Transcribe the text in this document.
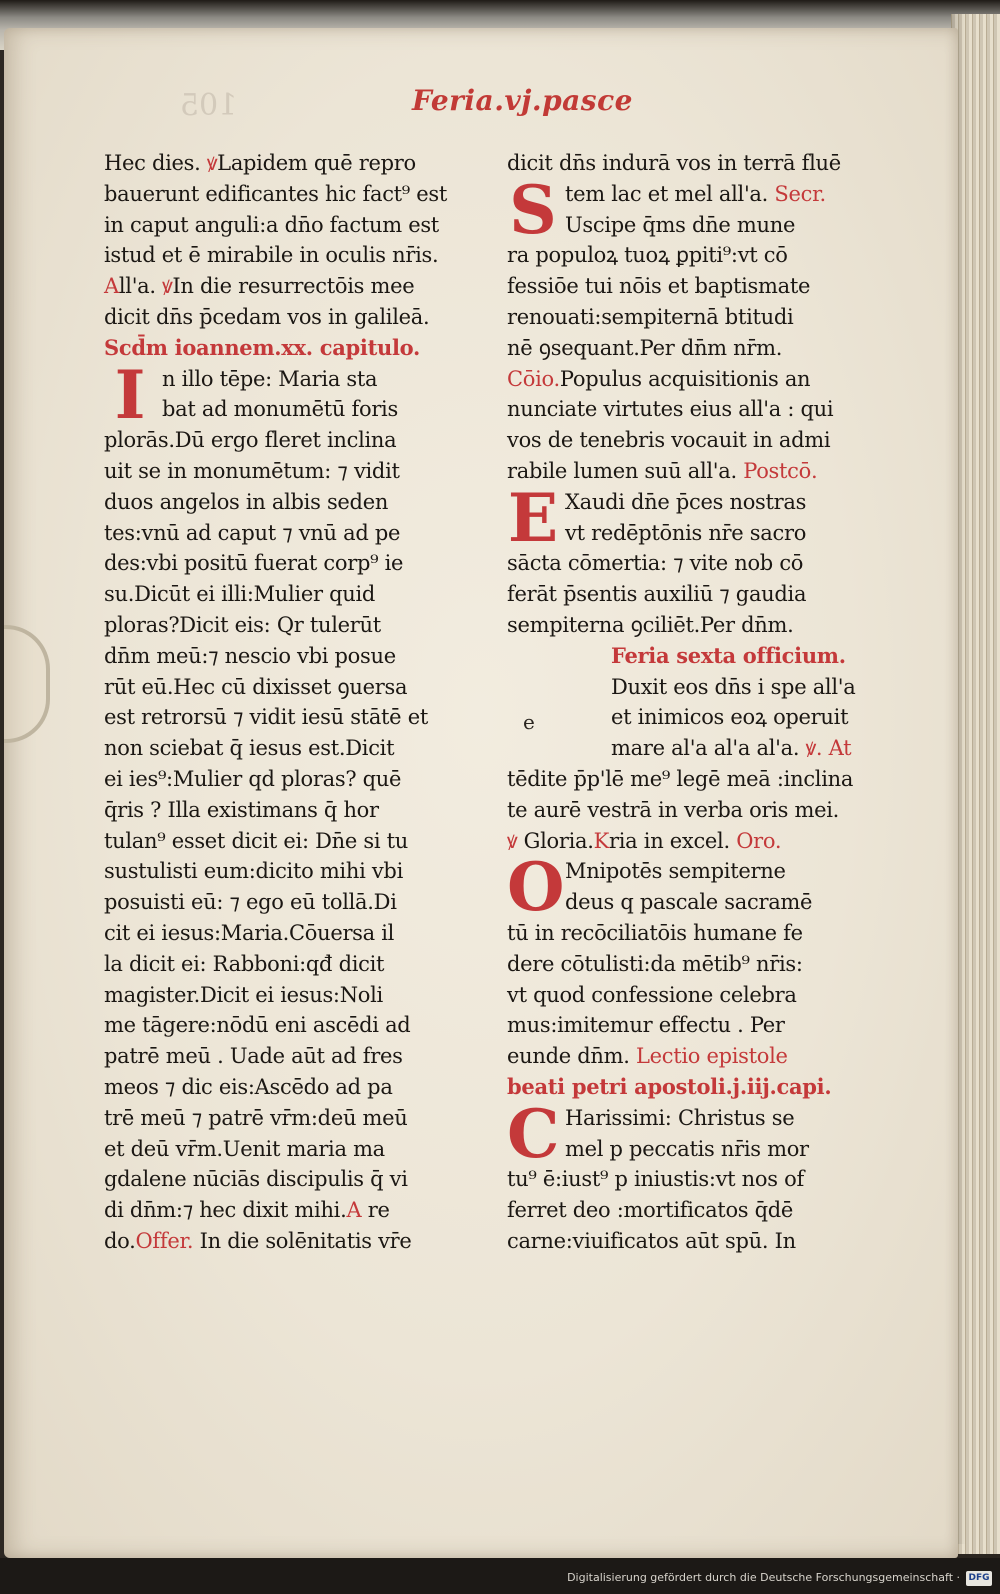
105	Feria.vj.pasce
Hec dies. ꝟLapidem quē repro
bauerunt edificantes hic fact⁹ est
in caput anguli:a dn̄o factum est
istud et ē mirabile in oculis nr̄is.
All'a. ꝟIn die resurrectōis mee
dicit dn̄s p̄cedam vos in galileā.
Scd̄m ioannem.xx. capitulo.
I n illo tēpe: Maria sta
bat ad monumētū foris
plorās.Dū ergo fleret inclina
uit se in monumētum: ⁊ vidit
duos angelos in albis seden
tes:vnū ad caput ⁊ vnū ad pe
des:vbi positū fuerat corp⁹ ie
su.Dicūt ei illi:Mulier quid
ploras?Dicit eis: Qr tulerūt
dn̄m meū:⁊ nescio vbi posue
rūt eū.Hec cū dixisset ꝯuersa
est retrorsū ⁊ vidit iesū stātē et
non sciebat q̄ iesus est.Dicit
ei ies⁹:Mulier qd ploras? quē
q̄ris ? Illa existimans q̄ hor
tulan⁹ esset dicit ei: Dn̄e si tu
sustulisti eum:dicito mihi vbi
posuisti eū: ⁊ ego eū tollā.Di
cit ei iesus:Maria.Cōuersa il
la dicit ei: Rabboni:qđ dicit
magister.Dicit ei iesus:Noli
me tāgere:nōdū eni ascēdi ad
patrē meū . Uade aūt ad fres
meos ⁊ dic eis:Ascēdo ad pa
trē meū ⁊ patrē vr̄m:deū meū
et deū vr̄m.Uenit maria ma
gdalene nūciās discipulis q̄ vi
di dn̄m:⁊ hec dixit mihi.A re
do.Offer. In die solēnitatis vr̄e
dicit dn̄s indurā vos in terrā fluē
S tem lac et mel all'a. Secr.
Uscipe q̄ms dn̄e mune
ra populoꝝ tuoꝝ ꝑpiti⁹:vt cō
fessiōe tui nōis et baptismate
renouati:sempiternā btitudi
nē ꝯsequant.Per dn̄m nr̄m.
Cōio.Populus acquisitionis an
nunciate virtutes eius all'a : qui
vos de tenebris vocauit in admi
rabile lumen suū all'a. Postcō.
E Xaudi dn̄e p̄ces nostras
vt redēptōnis nr̄e sacro
sācta cōmertia: ⁊ vite nob cō
ferāt p̄sentis auxiliū ⁊ gaudia
sempiterna ꝯciliēt.Per dn̄m.
Feria sexta officium.
Duxit eos dn̄s i spe all'a
et inimicos eoꝝ operuit
mare al'a al'a al'a. ꝟ. At
tēdite p̄p'lē me⁹ legē meā :inclina
te aurē vestrā in verba oris mei.
ꝟ Gloria.Kria in excel. Oro.
O Mnipotēs sempiterne
deus q pascale sacramē
tū in recōciliatōis humane fe
dere cōtulisti:da mētib⁹ nr̄is:
vt quod confessione celebra
mus:imitemur effectu . Per
eunde dn̄m. Lectio epistole
beati petri apostoli.j.iij.capi.
C Harissimi: Christus se
mel p peccatis nr̄is mor
tu⁹ ē:iust⁹ p iniustis:vt nos of
ferret deo :mortificatos q̄dē
carne:viuificatos aūt spū. In
e
Digitalisierung gefördert durch die Deutsche Forschungsgemeinschaft · DFG
